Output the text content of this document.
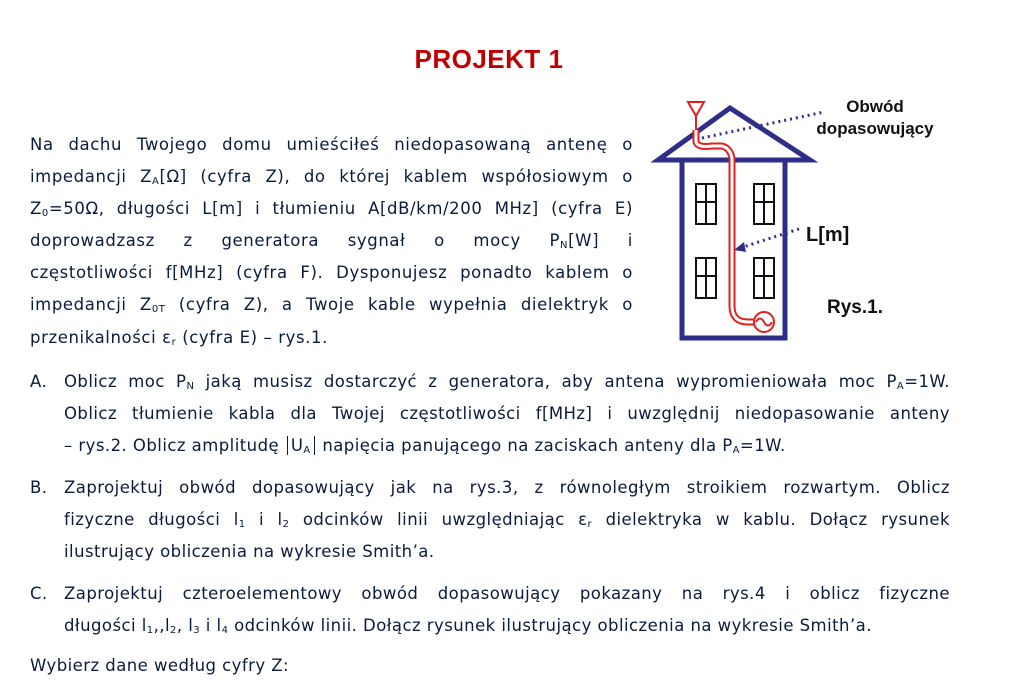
PROJEKT 1
Na dachu Twojego domu umieściłeś niedopasowaną antenę o
impedancji $Z_A[\Omega]$ (cyfra Z), do której kablem współosiowym o
$Z_0=50\Omega$, długości L[m] i tłumieniu A[dB/km/200 MHz] (cyfra E)
doprowadzasz z generatora sygnał o mocy $P_N[W]$ i
częstotliwości f[MHz] (cyfra F). Dysponujesz ponadto kablem o
impedancji $Z_{0T}$ (cyfra Z), a Twoje kable wypełnia dielektryk o
przenikalności $\varepsilon_r$ (cyfra E) – rys.1.
Obwód
dopasowujący
L[m]
Rys.1.
A. Oblicz moc $P_N$ jaką musisz dostarczyć z generatora, aby antena wypromieniowała moc $P_A=1W$.
Oblicz tłumienie kabla dla Twojej częstotliwości f[MHz] i uwzględnij niedopasowanie anteny
– rys.2. Oblicz amplitudę $U_A$ napięcia panującego na zaciskach anteny dla $P_A=1W$.
B. Zaprojektuj obwód dopasowujący jak na rys.3, z równoległym stroikiem rozwartym. Oblicz
fizyczne długości $l_1$ i $l_2$ odcinków linii uwzględniając $\varepsilon_r$ dielektryka w kablu. Dołącz rysunek
ilustrujący obliczenia na wykresie Smith’a.
C. Zaprojektuj czteroelementowy obwód dopasowujący pokazany na rys.4 i oblicz fizyczne
długości $l_1,,l_2$, $l_3$ i $l_4$ odcinków linii. Dołącz rysunek ilustrujący obliczenia na wykresie Smith’a.
Wybierz dane według cyfry Z:
